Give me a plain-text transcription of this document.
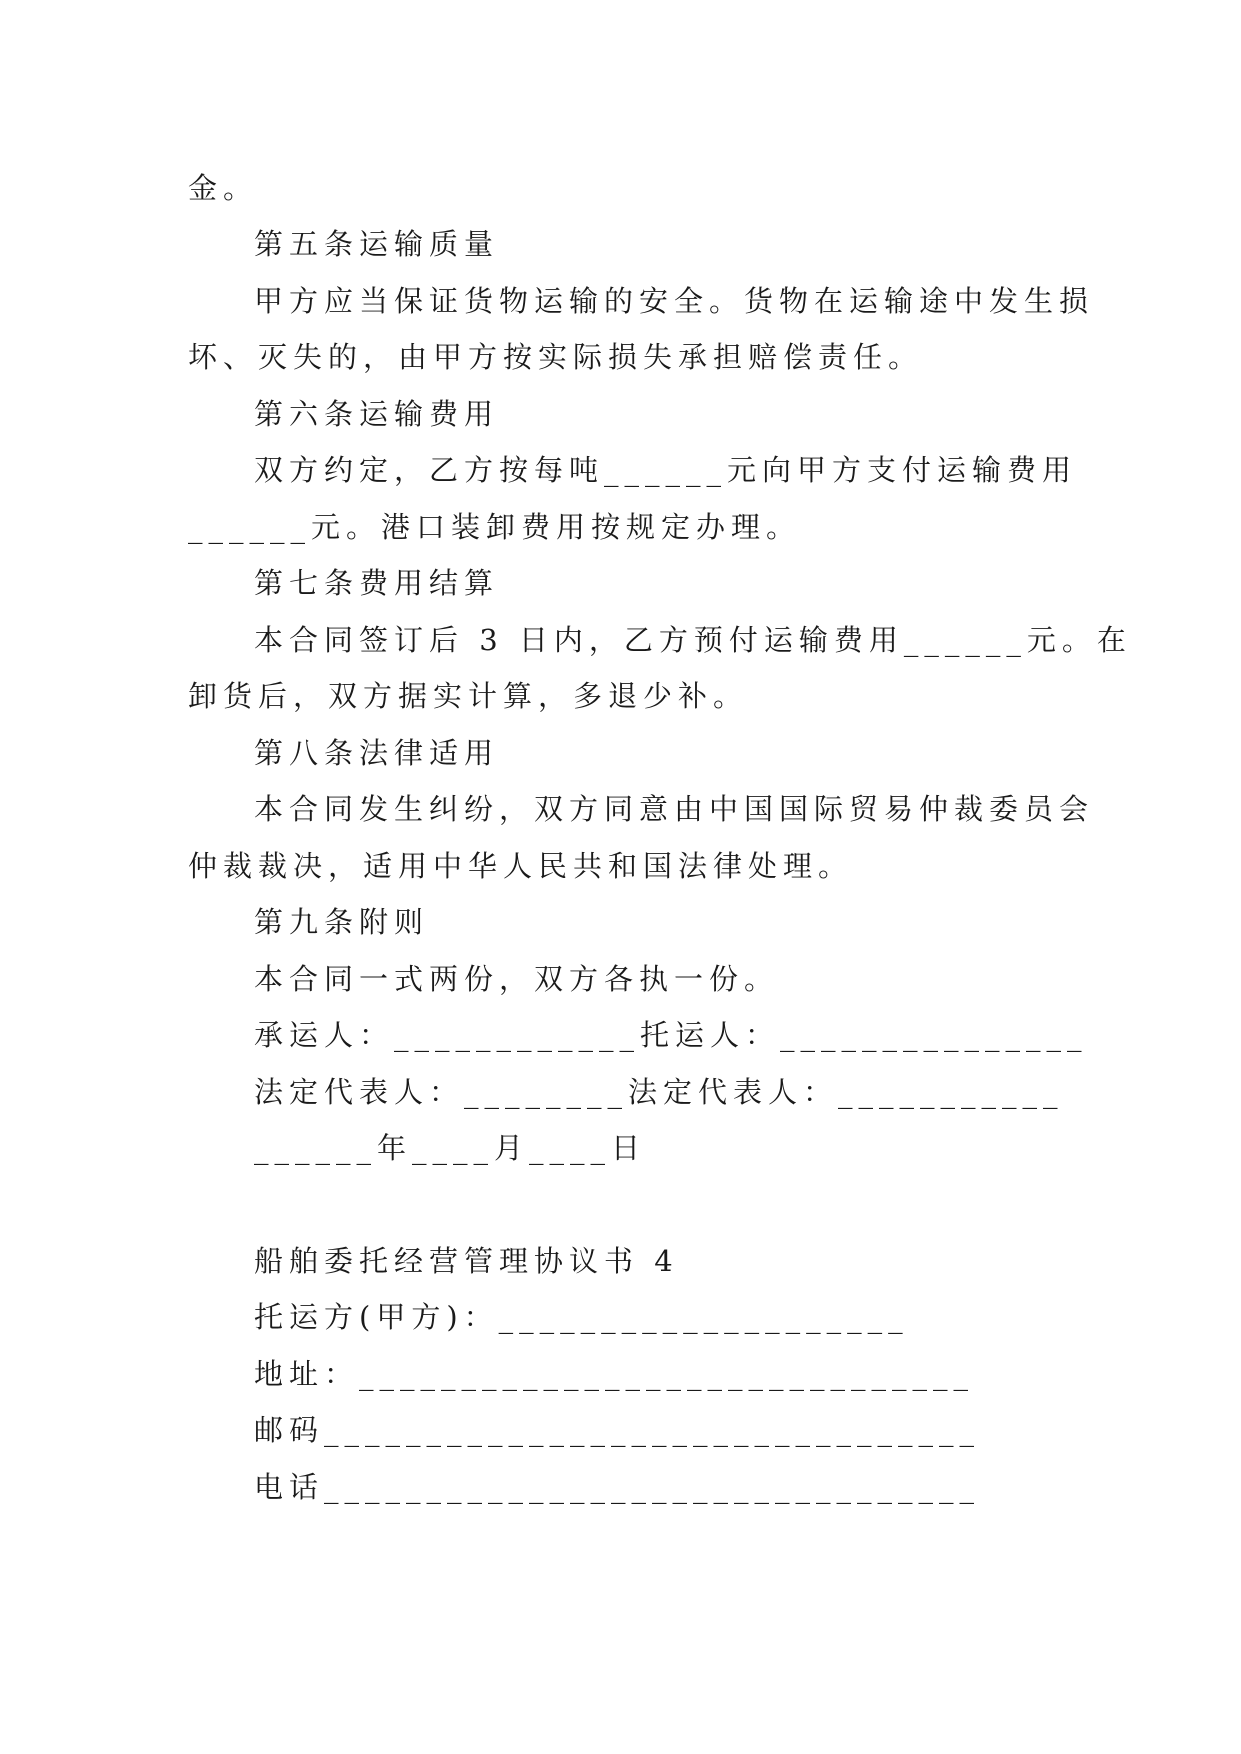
金。
第五条运输质量
甲方应当保证货物运输的安全。货物在运输途中发生损
坏、灭失的，由甲方按实际损失承担赔偿责任。
第六条运输费用
双方约定，乙方按每吨______元向甲方支付运输费用
______元。港口装卸费用按规定办理。
第七条费用结算
本合同签订后 3 日内，乙方预付运输费用______元。在
卸货后，双方据实计算，多退少补。
第八条法律适用
本合同发生纠纷，双方同意由中国国际贸易仲裁委员会
仲裁裁决，适用中华人民共和国法律处理。
第九条附则
本合同一式两份，双方各执一份。
承运人：____________托运人：_______________
法定代表人：________法定代表人：___________
______年____月____日
船舶委托经营管理协议书 4
托运方(甲方)：____________________
地址：______________________________
邮码________________________________
电话________________________________
